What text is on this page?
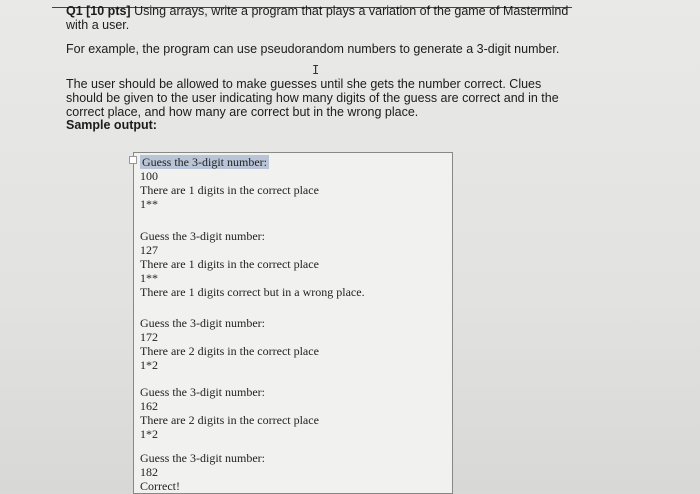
Q1 [10 pts] Using arrays, write a program that plays a variation of the game of Mastermind
with a user.
For example, the program can use pseudorandom numbers to generate a 3-digit number.
I
The user should be allowed to make guesses until she gets the number correct. Clues
should be given to the user indicating how many digits of the guess are correct and in the
correct place, and how many are correct but in the wrong place.
Sample output:
Guess the 3-digit number:
100
There are 1 digits in the correct place
1**
Guess the 3-digit number:
127
There are 1 digits in the correct place
1**
There are 1 digits correct but in a wrong place.
Guess the 3-digit number:
172
There are 2 digits in the correct place
1*2
Guess the 3-digit number:
162
There are 2 digits in the correct place
1*2
Guess the 3-digit number:
182
Correct!
